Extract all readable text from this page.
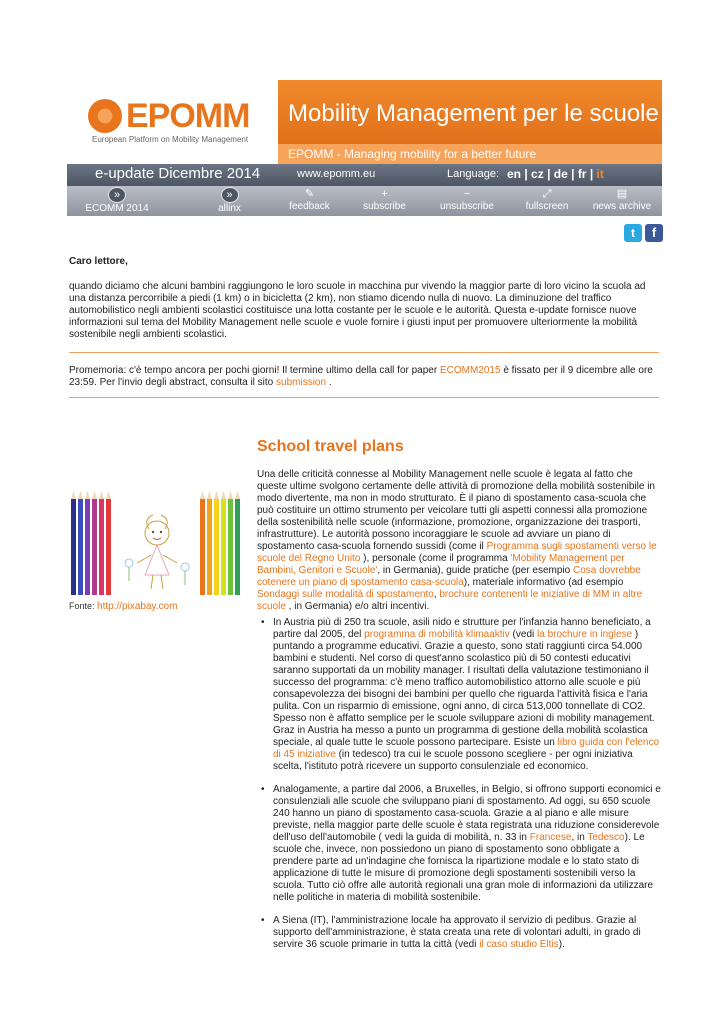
EPOMM
European Platform on Mobility Management
Mobility Management per le scuole
EPOMM - Managing mobility for a better future
e-update Dicembre 2014	www.epomm.eu	Language: en | cz | de | fr | it
»
ECOMM 2014
»
allinx
✎
feedback
+
subscribe
−
unsubscribe
⤢
fullscreen
▤
news archive
t	f
Caro lettore,
quando diciamo che alcuni bambini raggiungono le loro scuole in macchina pur vivendo la maggior parte di loro vicino la scuola ad una distanza percorribile a piedi (1 km) o in bicicletta (2 km), non stiamo dicendo nulla di nuovo. La diminuzione del traffico automobilistico negli ambienti scolastici costituisce una lotta costante per le scuole e le autorità. Questa e-update fornisce nuove informazioni sul tema del Mobility Management nelle scuole e vuole fornire i giusti input per promuovere ulteriormente la mobilità sostenibile negli ambienti scolastici.
Promemoria: c'è tempo ancora per pochi giorni! Il termine ultimo della call for paper ECOMM2015 è fissato per il 9 dicembre alle ore 23:59. Per l'invio degli abstract, consulta il sito submission .
School travel plans
Una delle criticità connesse al Mobility Management nelle scuole è legata al fatto che queste ultime svolgono certamente delle attività di promozione della mobilità sostenibile in modo divertente, ma non in modo strutturato. È il piano di spostamento casa-scuola che può costituire un ottimo strumento per veicolare tutti gli aspetti connessi alla promozione della sostenibilità nelle scuole (informazione, promozione, organizzazione dei trasporti, infrastrutture). Le autorità possono incoraggiare le scuole ad avviare un piano di spostamento casa-scuola fornendo sussidi (come il Programma sugli spostamenti verso le scuole del Regno Unito ), personale (come il programma 'Mobility Management per Bambini, Genitori e Scuole', in Germania), guide pratiche (per esempio Cosa dovrebbe cotenere un piano di spostamento casa-scuola), materiale informativo (ad esempio Sondaggi sulle modalità di spostamento, brochure contenenti le iniziative di MM in altre scuole , in Germania) e/o altri incentivi.
Fonte: http://pixabay.com
• In Austria più di 250 tra scuole, asili nido e strutture per l'infanzia hanno beneficiato, a partire dal 2005, del programma di mobilità klimaaktiv (vedi la brochure in inglese ) puntando a programme educativi. Grazie a questo, sono stati raggiunti circa 54.000 bambini e studenti. Nel corso di quest'anno scolastico più di 50 contesti educativi saranno supportati da un mobility manager. I risultati della valutazione testimoniano il successo del programma: c'è meno traffico automobilistico attorno alle scuole e più consapevolezza dei bisogni dei bambini per quello che riguarda l'attività fisica e l'aria pulita. Con un risparmio di emissione, ogni anno, di circa 513,000 tonnellate di CO2. Spesso non è affatto semplice per le scuole sviluppare azioni di mobility management. Graz in Austria ha messo a punto un programma di gestione della mobilità scolastica speciale, al quale tutte le scuole possono partecipare. Esiste un libro guida con l'elenco di 45 iniziative (in tedesco) tra cui le scuole possono scegliere - per ogni iniziativa scelta, l'istituto potrà ricevere un supporto consulenziale ed economico.
• Analogamente, a partire dal 2006, a Bruxelles, in Belgio, si offrono supporti economici e consulenziali alle scuole che sviluppano piani di spostamento. Ad oggi, su 650 scuole 240 hanno un piano di spostamento casa-scuola. Grazie a al piano e alle misure previste, nella maggior parte delle scuole è stata registrata una riduzione considerevole dell'uso dell'automobile ( vedi la guida di mobilità, n. 33 in Francese, in Tedesco). Le scuole che, invece, non possiedono un piano di spostamento sono obbligate a prendere parte ad un'indagine che fornisca la ripartizione modale e lo stato stato di applicazione di tutte le misure di promozione degli spostamenti sostenibili verso la scuola. Tutto ciò offre alle autorità regionali una gran mole di informazioni da utilizzare nelle politiche in materia di mobilità sostenibile.
• A Siena (IT), l'amministrazione locale ha approvato il servizio di pedibus. Grazie al supporto dell'amministrazione, è stata creata una rete di volontari adulti, in grado di servire 36 scuole primarie in tutta la città (vedi il caso studio Eltis).
